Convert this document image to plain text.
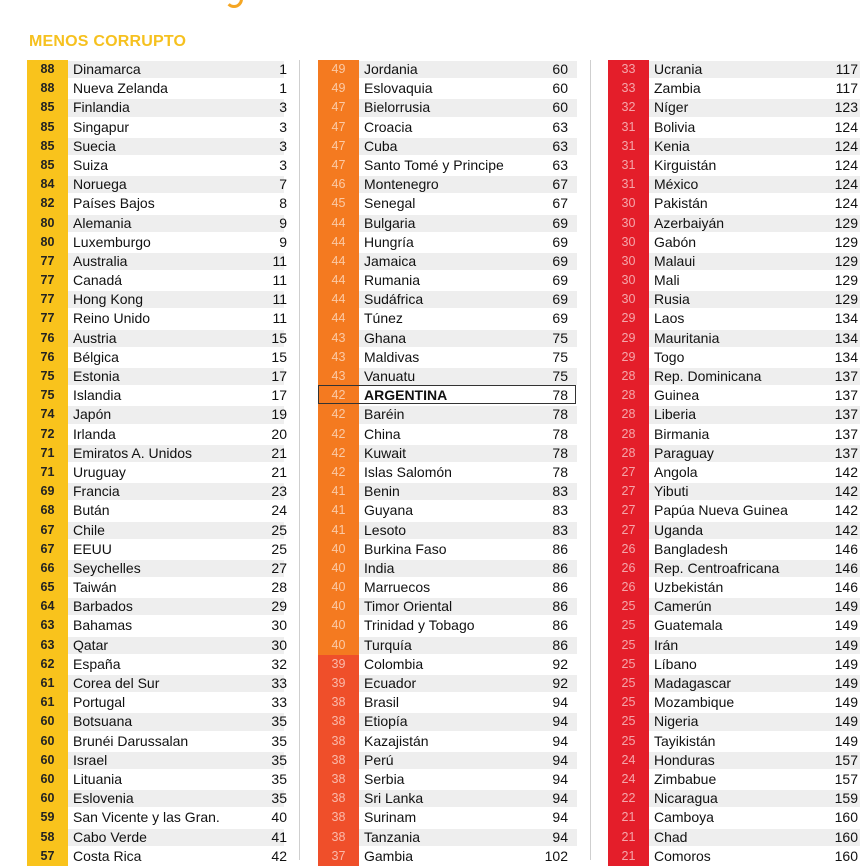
MENOS CORRUPTO
88	Dinamarca	1
88	Nueva Zelanda	1
85	Finlandia	3
85	Singapur	3
85	Suecia	3
85	Suiza	3
84	Noruega	7
82	Países Bajos	8
80	Alemania	9
80	Luxemburgo	9
77	Australia	11
77	Canadá	11
77	Hong Kong	11
77	Reino Unido	11
76	Austria	15
76	Bélgica	15
75	Estonia	17
75	Islandia	17
74	Japón	19
72	Irlanda	20
71	Emiratos A. Unidos	21
71	Uruguay	21
69	Francia	23
68	Bután	24
67	Chile	25
67	EEUU	25
66	Seychelles	27
65	Taiwán	28
64	Barbados	29
63	Bahamas	30
63	Qatar	30
62	España	32
61	Corea del Sur	33
61	Portugal	33
60	Botsuana	35
60	Brunéi Darussalan	35
60	Israel	35
60	Lituania	35
60	Eslovenia	35
59	San Vicente y las Gran.	40
58	Cabo Verde	41
57	Costa Rica	42
49	Jordania	60
49	Eslovaquia	60
47	Bielorrusia	60
47	Croacia	63
47	Cuba	63
47	Santo Tomé y Principe	63
46	Montenegro	67
45	Senegal	67
44	Bulgaria	69
44	Hungría	69
44	Jamaica	69
44	Rumania	69
44	Sudáfrica	69
44	Túnez	69
43	Ghana	75
43	Maldivas	75
43	Vanuatu	75
42	ARGENTINA	78
42	Baréin	78
42	China	78
42	Kuwait	78
42	Islas Salomón	78
41	Benin	83
41	Guyana	83
41	Lesoto	83
40	Burkina Faso	86
40	India	86
40	Marruecos	86
40	Timor Oriental	86
40	Trinidad y Tobago	86
40	Turquía	86
39	Colombia	92
39	Ecuador	92
38	Brasil	94
38	Etiopía	94
38	Kazajistán	94
38	Perú	94
38	Serbia	94
38	Sri Lanka	94
38	Surinam	94
38	Tanzania	94
37	Gambia	102
33	Ucrania	117
33	Zambia	117
32	Níger	123
31	Bolivia	124
31	Kenia	124
31	Kirguistán	124
31	México	124
30	Pakistán	124
30	Azerbaiyán	129
30	Gabón	129
30	Malaui	129
30	Mali	129
30	Rusia	129
29	Laos	134
29	Mauritania	134
29	Togo	134
28	Rep. Dominicana	137
28	Guinea	137
28	Liberia	137
28	Birmania	137
28	Paraguay	137
27	Angola	142
27	Yibuti	142
27	Papúa Nueva Guinea	142
27	Uganda	142
26	Bangladesh	146
26	Rep. Centroafricana	146
26	Uzbekistán	146
25	Camerún	149
25	Guatemala	149
25	Irán	149
25	Líbano	149
25	Madagascar	149
25	Mozambique	149
25	Nigeria	149
25	Tayikistán	149
24	Honduras	157
24	Zimbabue	157
22	Nicaragua	159
21	Camboya	160
21	Chad	160
21	Comoros	160
